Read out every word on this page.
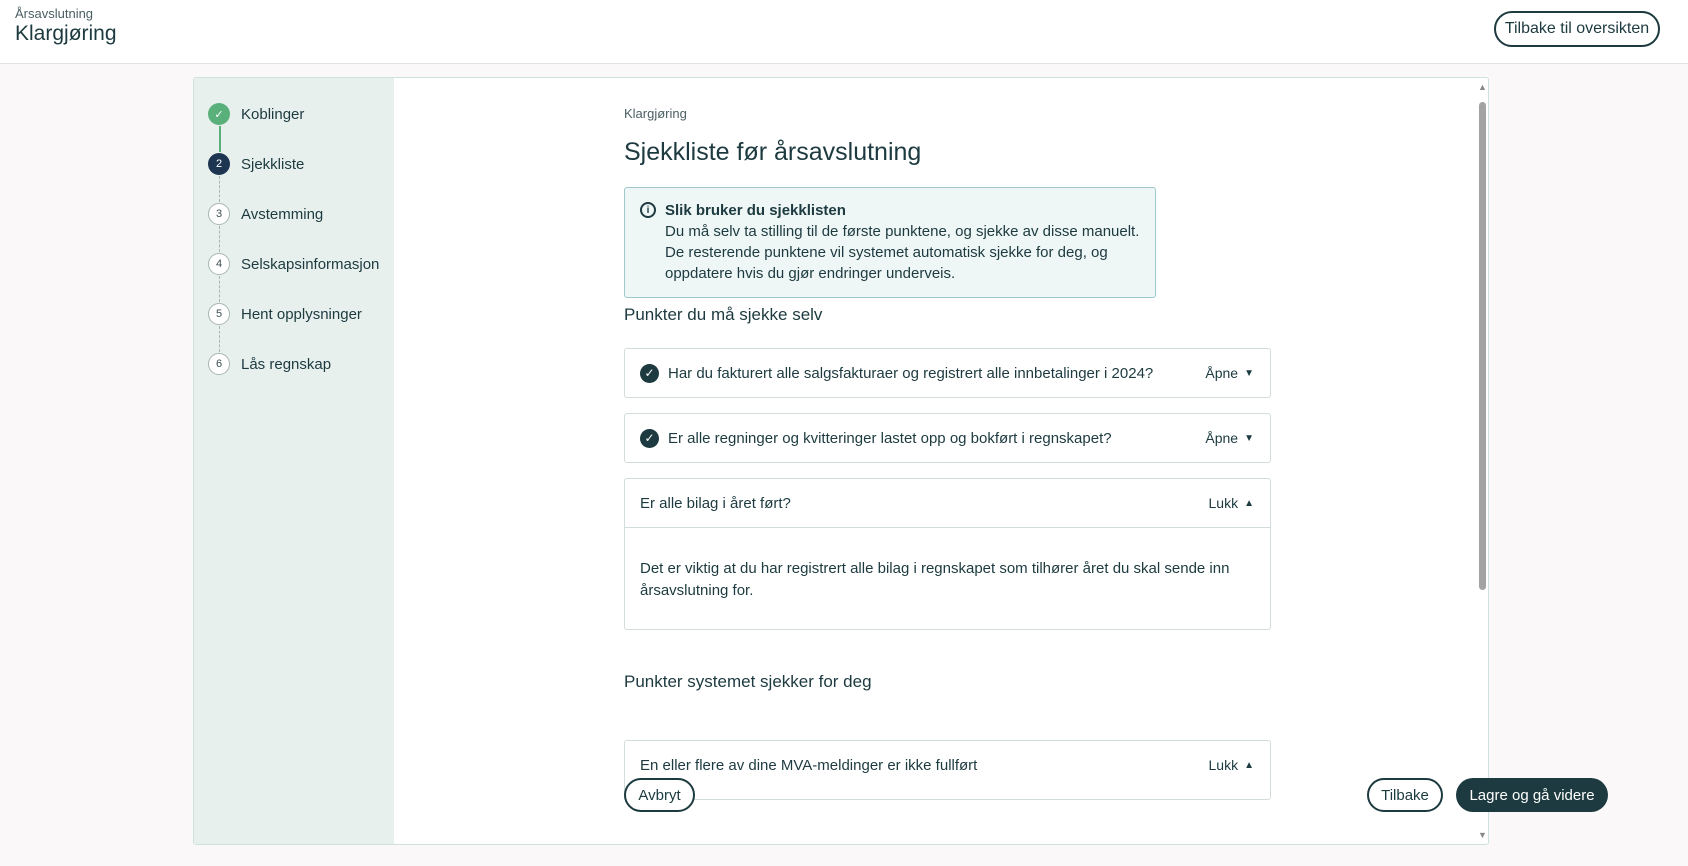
Årsavslutning
Klargjøring	Tilbake til oversikten
✓	Koblinger
2	Sjekkliste
3	Avstemming
4	Selskapsinformasjon
5	Hent opplysninger
6	Lås regnskap
Klargjøring
Sjekkliste før årsavslutning
i	Slik bruker du sjekklisten
Du må selv ta stilling til de første punktene, og sjekke av disse manuelt. De resterende punktene vil systemet automatisk sjekke for deg, og oppdatere hvis du gjør endringer underveis.
Punkter du må sjekke selv
✓ Har du fakturert alle salgsfakturaer og registrert alle innbetalinger i 2024?	Åpne ▼
✓ Er alle regninger og kvitteringer lastet opp og bokført i regnskapet?	Åpne ▼
Er alle bilag i året ført?	Lukk ▲
Det er viktig at du har registrert alle bilag i regnskapet som tilhører året du skal sende inn årsavslutning for.
Punkter systemet sjekker for deg
En eller flere av dine MVA-meldinger er ikke fullført	Lukk ▲
Avbryt	Tilbake	Lagre og gå videre
▲
▼
